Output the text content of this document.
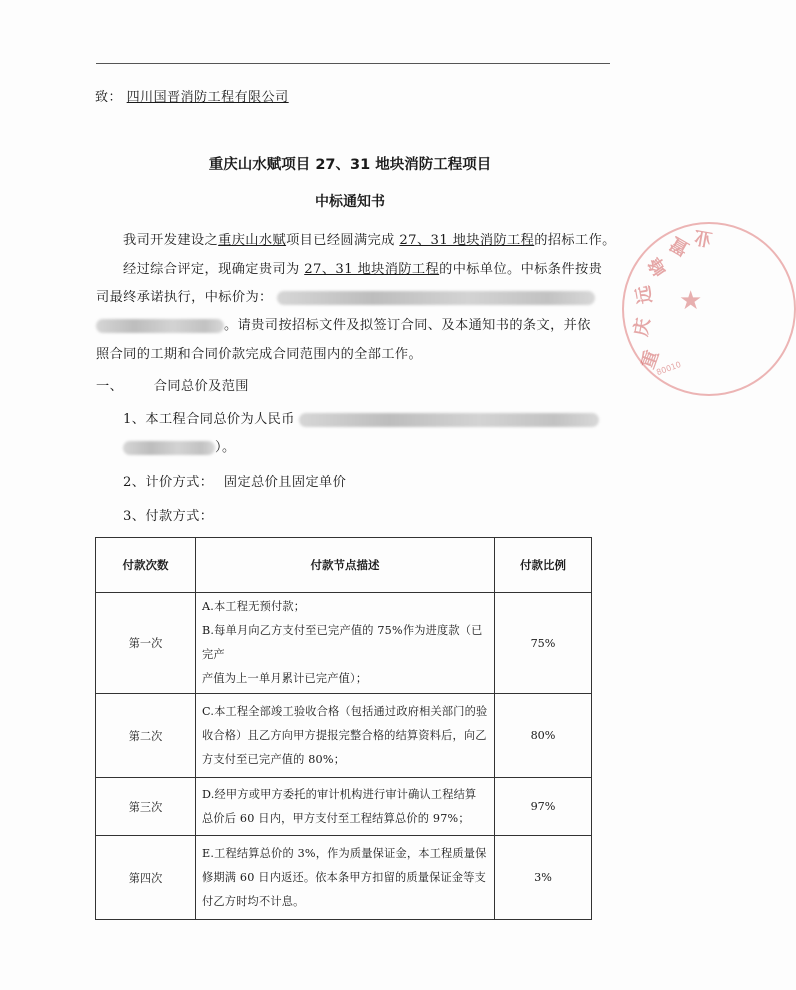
致： 四川国晋消防工程有限公司
重庆山水赋项目 27、31 地块消防工程项目
中标通知书
我司开发建设之重庆山水赋项目已经圆满完成 27、31 地块消防工程的招标工作。
经过综合评定，现确定贵司为 27、31 地块消防工程的中标单位。中标条件按贵
司最终承诺执行，中标价为：
。请贵司按招标文件及拟签订合同、及本通知书的条文，并依
照合同的工期和合同价款完成合同范围内的全部工作。
一、 合同总价及范围
1、本工程合同总价为人民币
）。
2、计价方式： 固定总价且固定单价
3、付款方式：
付款次数	付款节点描述	付款比例
第一次	A.本工程无预付款；
B.每单月向乙方支付至已完产值的 75%作为进度款（已完产
产值为上一单月累计已完产值）；	75%
第二次	C.本工程全部竣工验收合格（包括通过政府相关部门的验
收合格）且乙方向甲方提报完整合格的结算资料后，向乙
方支付至已完产值的 80%；	80%
第三次	D.经甲方或甲方委托的审计机构进行审计确认工程结算
总价后 60 日内，甲方支付至工程结算总价的 97%；	97%
第四次	E.工程结算总价的 3%，作为质量保证金，本工程质量保
修期满 60 日内返还。依本条甲方扣留的质量保证金等支
付乙方时均不计息。	3%
重
庆
远
峰
置 业
★
80010
